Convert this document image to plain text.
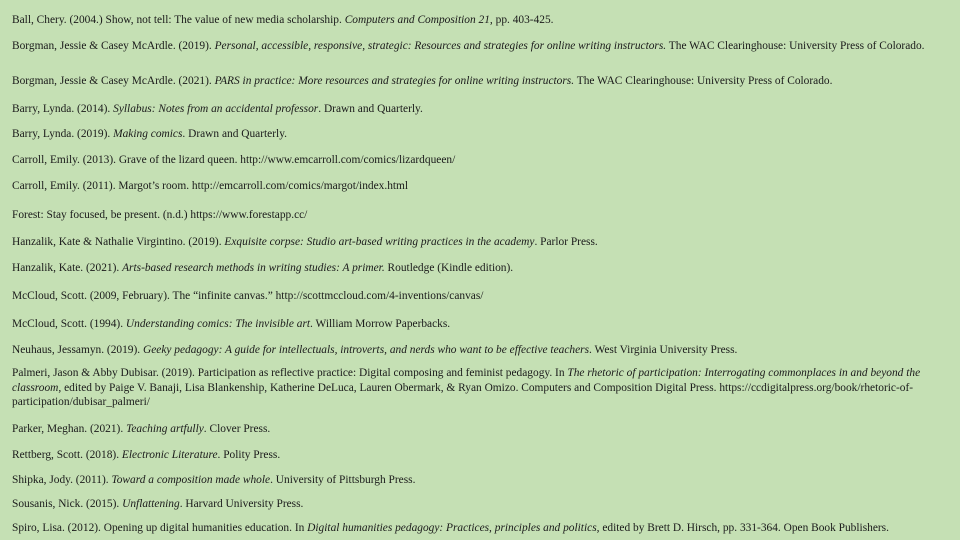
Ball, Chery. (2004.) Show, not tell: The value of new media scholarship. Computers and Composition 21, pp. 403-425.
Borgman, Jessie & Casey McArdle. (2019). Personal, accessible, responsive, strategic: Resources and strategies for online writing instructors. The WAC Clearinghouse: University Press of Colorado.
Borgman, Jessie & Casey McArdle. (2021). PARS in practice: More resources and strategies for online writing instructors. The WAC Clearinghouse: University Press of Colorado.
Barry, Lynda. (2014). Syllabus: Notes from an accidental professor. Drawn and Quarterly.
Barry, Lynda. (2019). Making comics. Drawn and Quarterly.
Carroll, Emily. (2013). Grave of the lizard queen. http://www.emcarroll.com/comics/lizardqueen/
Carroll, Emily. (2011). Margot’s room. http://emcarroll.com/comics/margot/index.html
Forest: Stay focused, be present. (n.d.) https://www.forestapp.cc/
Hanzalik, Kate & Nathalie Virgintino. (2019). Exquisite corpse: Studio art-based writing practices in the academy. Parlor Press.
Hanzalik, Kate. (2021). Arts-based research methods in writing studies: A primer. Routledge (Kindle edition).
McCloud, Scott. (2009, February). The “infinite canvas.” http://scottmccloud.com/4-inventions/canvas/
McCloud, Scott. (1994). Understanding comics: The invisible art. William Morrow Paperbacks.
Neuhaus, Jessamyn. (2019). Geeky pedagogy: A guide for intellectuals, introverts, and nerds who want to be effective teachers. West Virginia University Press.
Palmeri, Jason & Abby Dubisar. (2019). Participation as reflective practice: Digital composing and feminist pedagogy. In The rhetoric of participation: Interrogating commonplaces in and beyond the classroom, edited by Paige V. Banaji, Lisa Blankenship, Katherine DeLuca, Lauren Obermark, & Ryan Omizo. Computers and Composition Digital Press. https://ccdigitalpress.org/book/rhetoric-of-participation/dubisar_palmeri/
Parker, Meghan. (2021). Teaching artfully. Clover Press.
Rettberg, Scott. (2018). Electronic Literature. Polity Press.
Shipka, Jody. (2011). Toward a composition made whole. University of Pittsburgh Press.
Sousanis, Nick. (2015). Unflattening. Harvard University Press.
Spiro, Lisa. (2012). Opening up digital humanities education. In Digital humanities pedagogy: Practices, principles and politics, edited by Brett D. Hirsch, pp. 331-364. Open Book Publishers.
